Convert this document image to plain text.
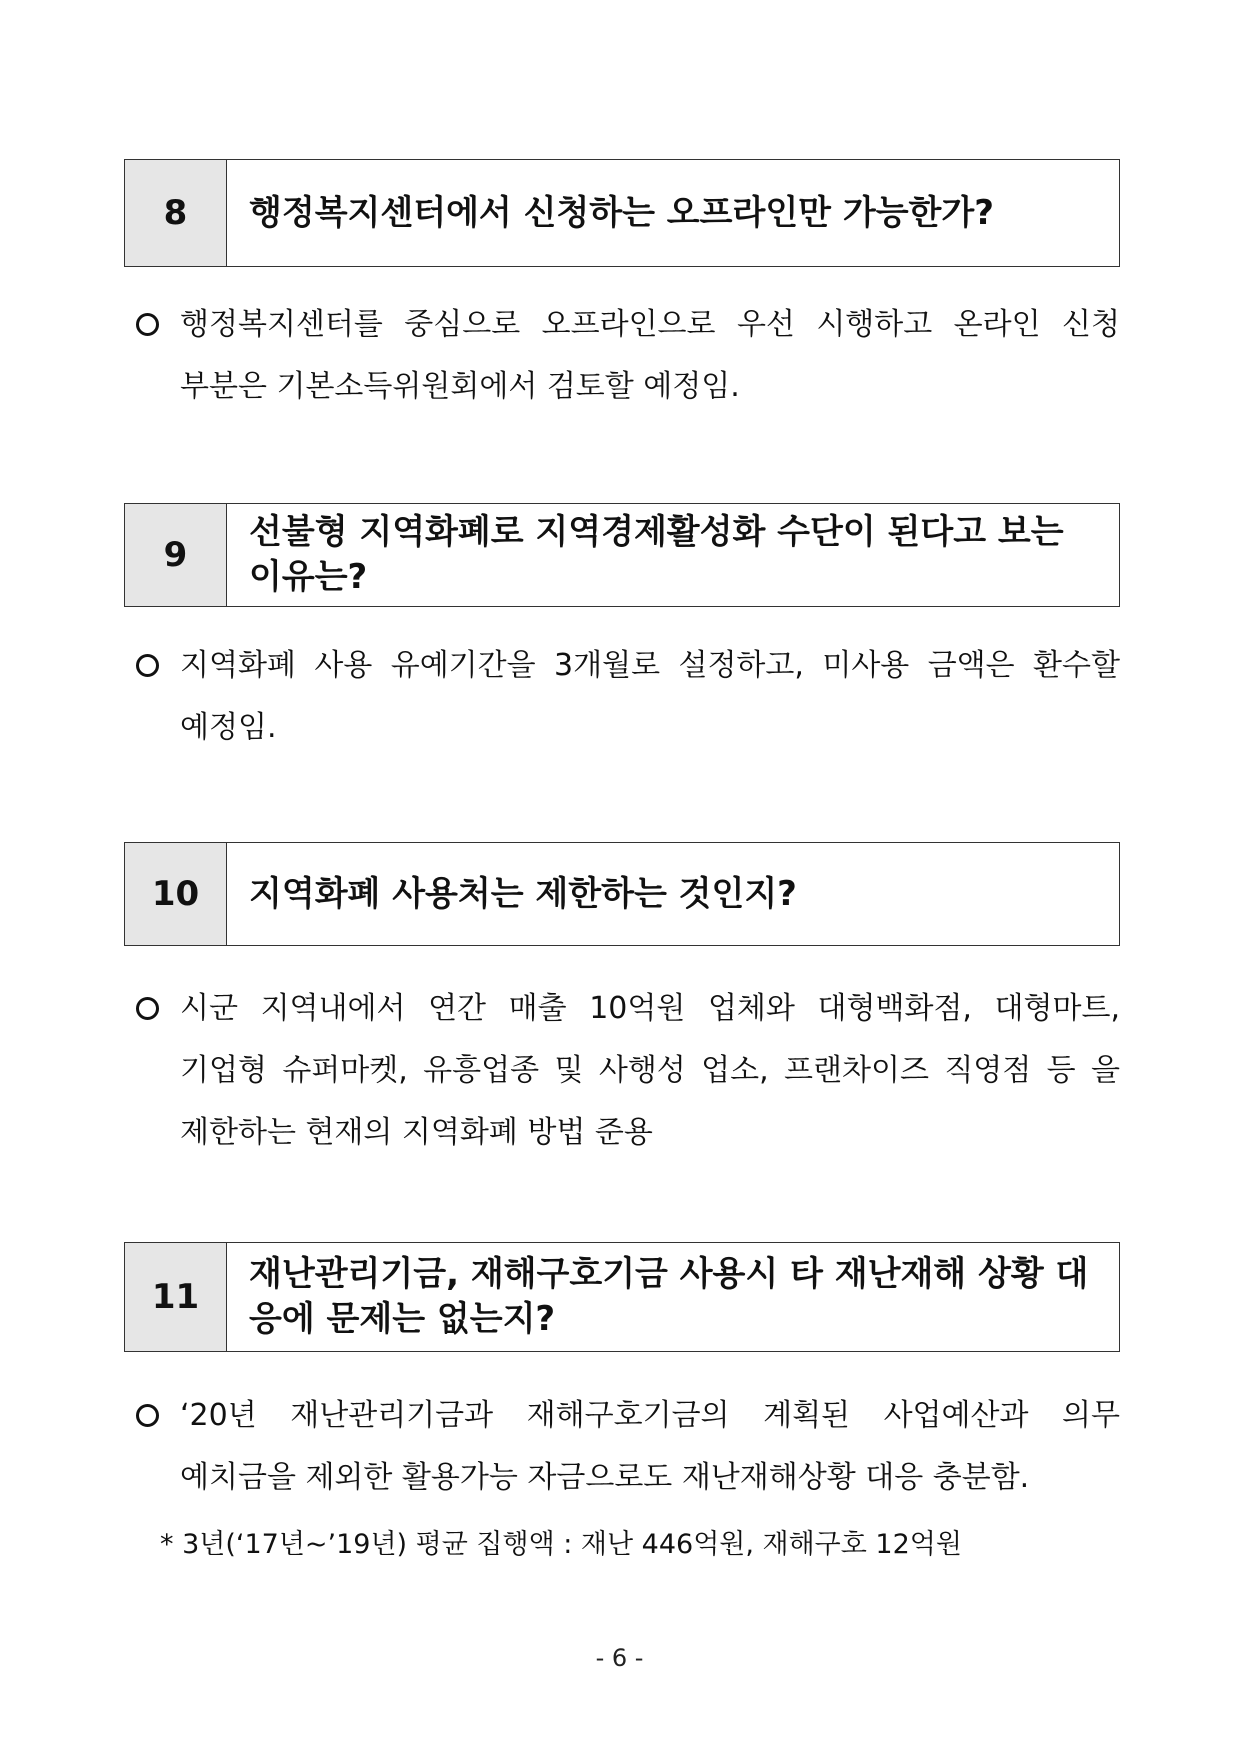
8	행정복지센터에서 신청하는 오프라인만 가능한가?
행정복지센터를 중심으로 오프라인으로 우선 시행하고 온라인 신청 부분은 기본소득위원회에서 검토할 예정임.
9
선불형 지역화폐로 지역경제활성화 수단이 된다고 보는 이유는?
지역화폐 사용 유예기간을 3개월로 설정하고, 미사용 금액은 환수할 예정임.
10	지역화폐 사용처는 제한하는 것인지?
시군 지역내에서 연간 매출 10억원 업체와 대형백화점, 대형마트, 기업형 슈퍼마켓, 유흥업종 및 사행성 업소, 프랜차이즈 직영점 등 을 제한하는 현재의 지역화폐 방법 준용
11
재난관리기금, 재해구호기금 사용시 타 재난재해 상황 대응에 문제는 없는지?
‘20년 재난관리기금과 재해구호기금의 계획된 사업예산과 의무 예치금을 제외한 활용가능 자금으로도 재난재해상황 대응 충분함.
* 3년(‘17년~’19년) 평균 집행액 : 재난 446억원, 재해구호 12억원
- 6 -
